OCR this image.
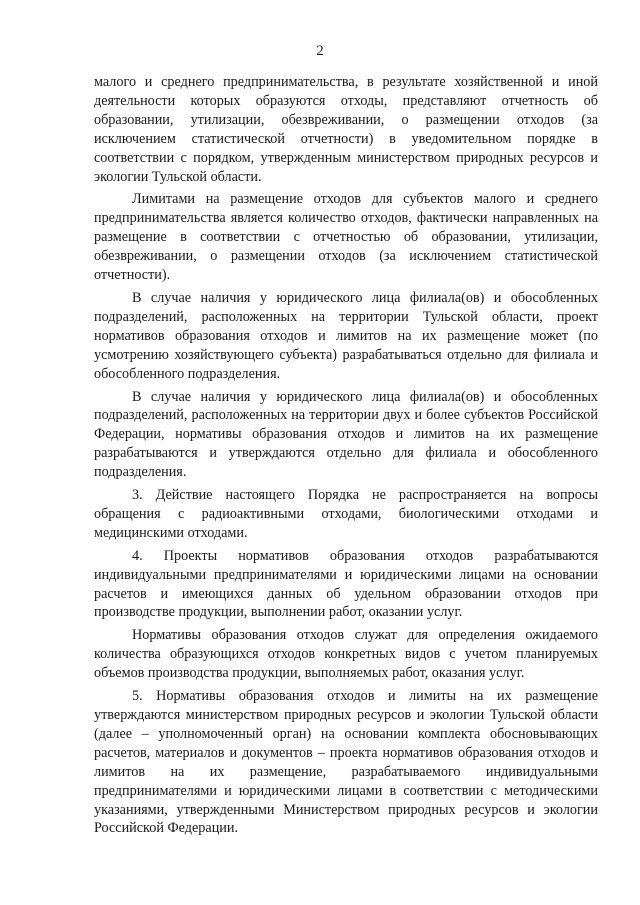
2

малого и среднего предпринимательства, в результате хозяйственной и иной деятельности которых образуются отходы, представляют отчетность об образовании, утилизации, обезвреживании, о размещении отходов (за исключением статистической отчетности) в уведомительном порядке в соответствии с порядком, утвержденным министерством природных ресурсов и экологии Тульской области.

Лимитами на размещение отходов для субъектов малого и среднего предпринимательства является количество отходов, фактически направленных на размещение в соответствии с отчетностью об образовании, утилизации, обезвреживании, о размещении отходов (за исключением статистической отчетности).

В случае наличия у юридического лица филиала(ов) и обособленных подразделений, расположенных на территории Тульской области, проект нормативов образования отходов и лимитов на их размещение может (по усмотрению хозяйствующего субъекта) разрабатываться отдельно для филиала и обособленного подразделения.

В случае наличия у юридического лица филиала(ов) и обособленных подразделений, расположенных на территории двух и более субъектов Российской Федерации, нормативы образования отходов и лимитов на их размещение разрабатываются и утверждаются отдельно для филиала и обособленного подразделения.

3. Действие настоящего Порядка не распространяется на вопросы обращения с радиоактивными отходами, биологическими отходами и медицинскими отходами.

4. Проекты нормативов образования отходов разрабатываются индивидуальными предпринимателями и юридическими лицами на основании расчетов и имеющихся данных об удельном образовании отходов при производстве продукции, выполнении работ, оказании услуг.

Нормативы образования отходов служат для определения ожидаемого количества образующихся отходов конкретных видов с учетом планируемых объемов производства продукции, выполняемых работ, оказания услуг.

5. Нормативы образования отходов и лимиты на их размещение утверждаются министерством природных ресурсов и экологии Тульской области (далее – уполномоченный орган) на основании комплекта обосновывающих расчетов, материалов и документов – проекта нормативов образования отходов и лимитов на их размещение, разрабатываемого индивидуальными предпринимателями и юридическими лицами в соответствии с методическими указаниями, утвержденными Министерством природных ресурсов и экологии Российской Федерации.
